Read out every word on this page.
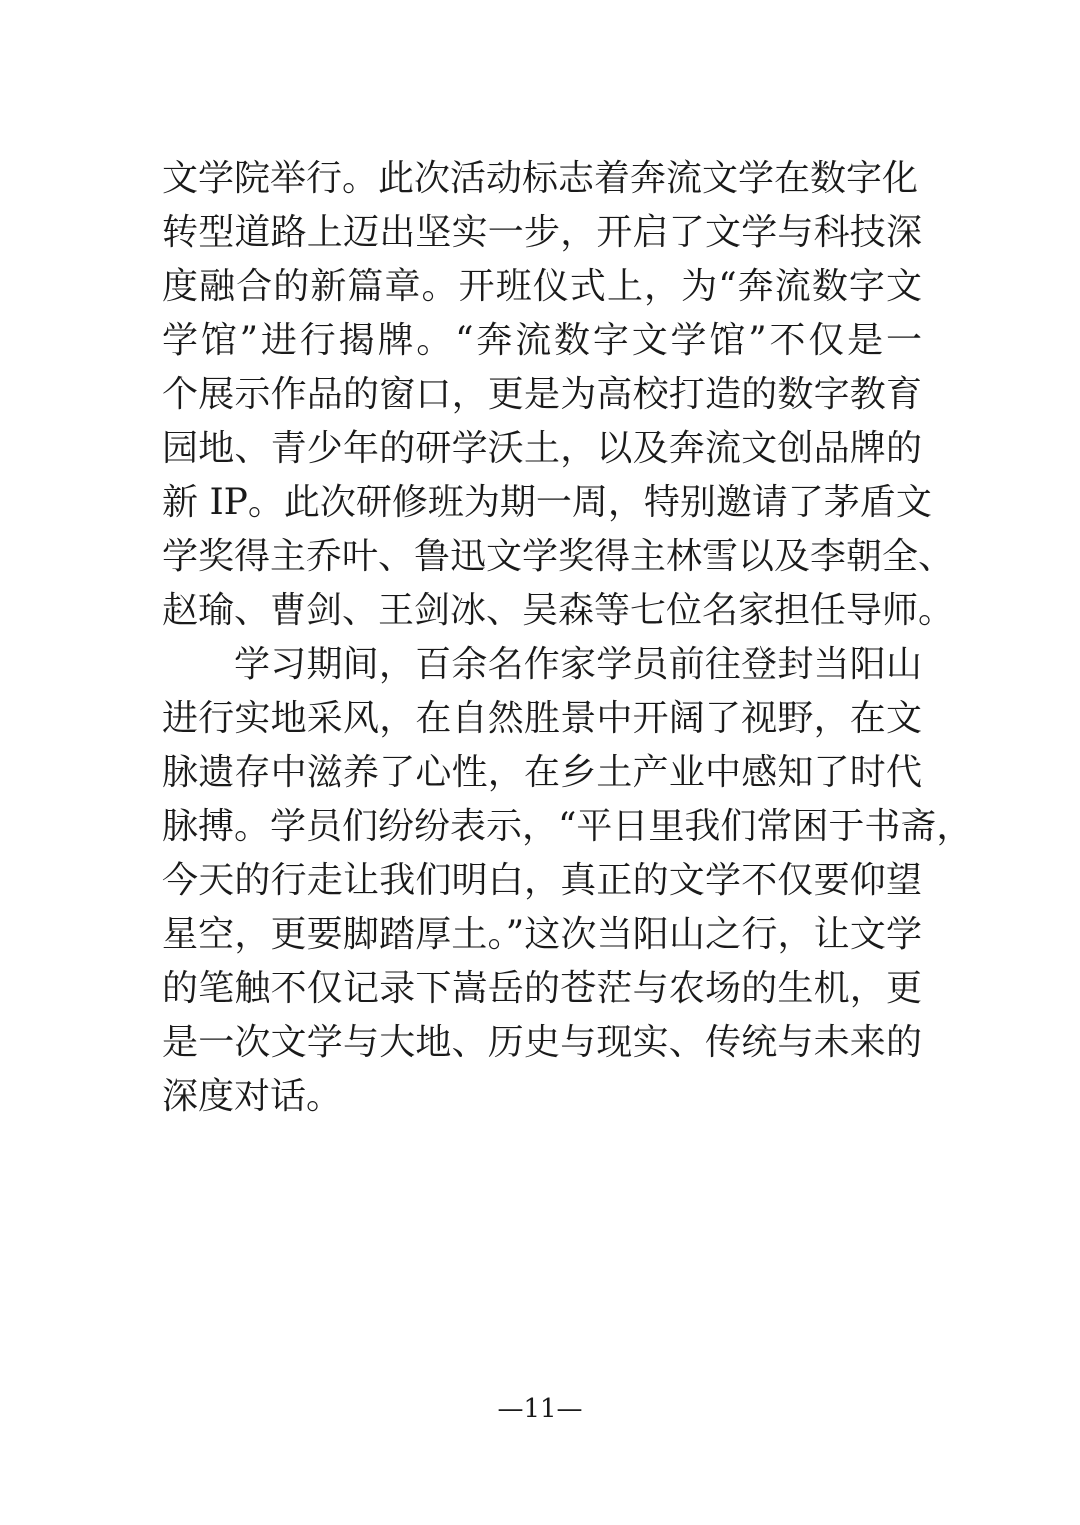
文学院举行。此次活动标志着奔流文学在数字化
转型道路上迈出坚实一步，开启了文学与科技深
度融合的新篇章。开班仪式上，为“奔流数字文
学馆”进行揭牌。“奔流数字文学馆”不仅是一
个展示作品的窗口，更是为高校打造的数字教育
园地、青少年的研学沃土，以及奔流文创品牌的
新 IP。此次研修班为期一周，特别邀请了茅盾文
学奖得主乔叶、鲁迅文学奖得主林雪以及李朝全、
赵瑜、曹剑、王剑冰、吴森等七位名家担任导师。
学习期间，百余名作家学员前往登封当阳山
进行实地采风，在自然胜景中开阔了视野，在文
脉遗存中滋养了心性，在乡土产业中感知了时代
脉搏。学员们纷纷表示，“平日里我们常困于书斋，
今天的行走让我们明白，真正的文学不仅要仰望
星空，更要脚踏厚土。”这次当阳山之行，让文学
的笔触不仅记录下嵩岳的苍茫与农场的生机，更
是一次文学与大地、历史与现实、传统与未来的
深度对话。
—11—
